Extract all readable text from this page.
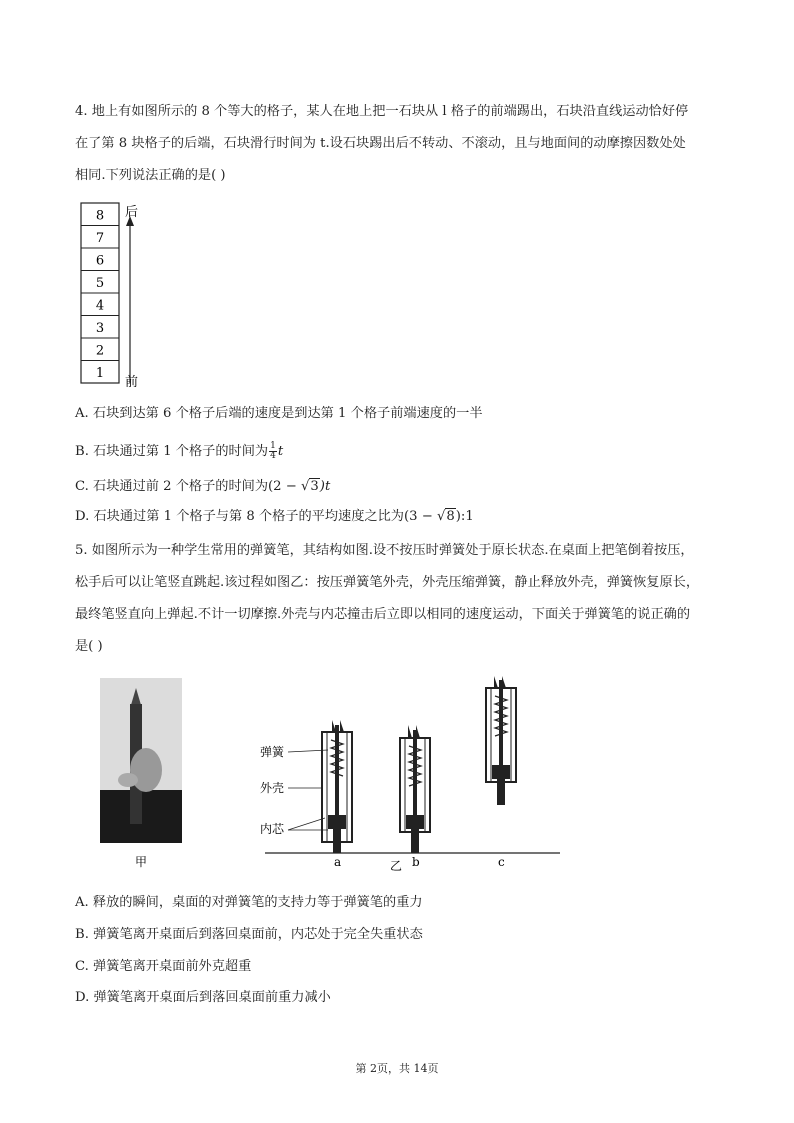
4. 地上有如图所示的 8 个等大的格子，某人在地上把一石块从 l 格子的前端踢出，石块沿直线运动恰好停
在了第 8 块格子的后端，石块滑行时间为 t.设石块踢出后不转动、不滚动，且与地面间的动摩擦因数处处
相同.下列说法正确的是( )
8
7
6
5
4
3
2
1
后
前
A. 石块到达第 6 个格子后端的速度是到达第 1 个格子前端速度的一半
B. 石块通过第 1 个格子的时间为 $\frac{1}{4}$ t
C. 石块通过前 2 个格子的时间为(2 − √3)t
D. 石块通过第 1 个格子与第 8 个格子的平均速度之比为(3 − √8):1
5. 如图所示为一种学生常用的弹簧笔，其结构如图.设不按压时弹簧处于原长状态.在桌面上把笔倒着按压，
松手后可以让笔竖直跳起.该过程如图乙：按压弹簧笔外壳，外壳压缩弹簧，静止释放外壳，弹簧恢复原长，
最终笔竖直向上弹起.不计一切摩擦.外壳与内芯撞击后立即以相同的速度运动，下面关于弹簧笔的说正确的
是( )
甲
弹簧
外壳
内芯
a	b	c
乙
A. 释放的瞬间，桌面的对弹簧笔的支持力等于弹簧笔的重力
B. 弹簧笔离开桌面后到落回桌面前，内芯处于完全失重状态
C. 弹簧笔离开桌面前外克超重
D. 弹簧笔离开桌面后到落回桌面前重力减小
第 2页，共 14页
